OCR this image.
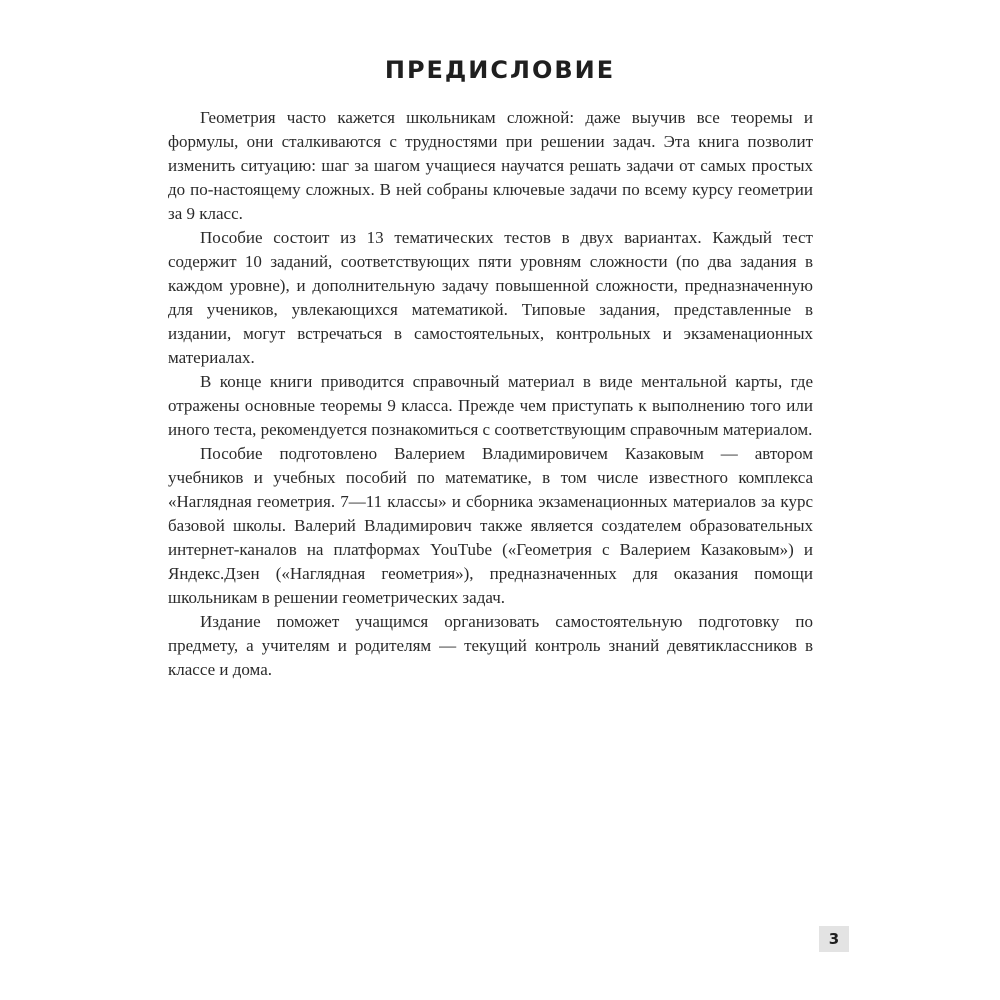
ПРЕДИСЛОВИЕ

Геометрия часто кажется школьникам сложной: даже выучив все теоремы и формулы, они сталкиваются с трудностями при решении задач. Эта книга позволит изменить ситуацию: шаг за шагом учащиеся научатся решать задачи от самых простых до по-настоящему сложных. В ней собраны ключевые задачи по всему курсу геометрии за 9 класс.

Пособие состоит из 13 тематических тестов в двух вариантах. Каждый тест содержит 10 заданий, соответствующих пяти уровням сложности (по два задания в каждом уровне), и дополнительную задачу повышенной сложности, предназначенную для учеников, увлекающихся математикой. Типовые задания, представленные в издании, могут встречаться в самостоятельных, контрольных и экзаменационных материалах.

В конце книги приводится справочный материал в виде ментальной карты, где отражены основные теоремы 9 класса. Прежде чем приступать к выполнению того или иного теста, рекомендуется познакомиться с соответствующим справочным материалом.

Пособие подготовлено Валерием Владимировичем Казаковым — автором учебников и учебных пособий по математике, в том числе известного комплекса «Наглядная геометрия. 7—11 классы» и сборника экзаменационных материалов за курс базовой школы. Валерий Владимирович также является создателем образовательных интернет-каналов на платформах YouTube («Геометрия с Валерием Казаковым») и Яндекс.Дзен («Наглядная геометрия»), предназначенных для оказания помощи школьникам в решении геометрических задач.

Издание поможет учащимся организовать самостоятельную подготовку по предмету, а учителям и родителям — текущий контроль знаний девятиклассников в классе и дома.

3
